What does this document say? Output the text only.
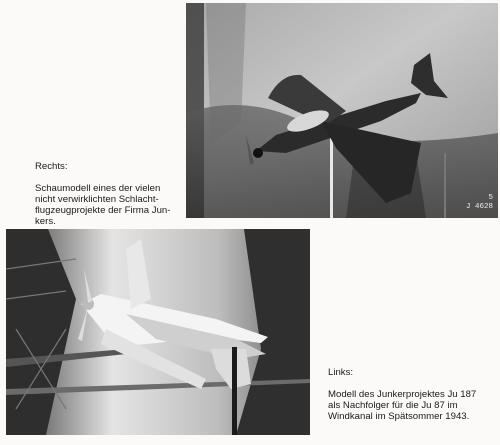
5
J 4628

Rechts:

Schaumodell eines der vielen
nicht verwirklichten Schlacht-
flugzeugprojekte der Firma Jun-
kers.

Links:

Modell des Junkerprojektes Ju 187
als Nachfolger für die Ju 87 im
Windkanal im Spätsommer 1943.
